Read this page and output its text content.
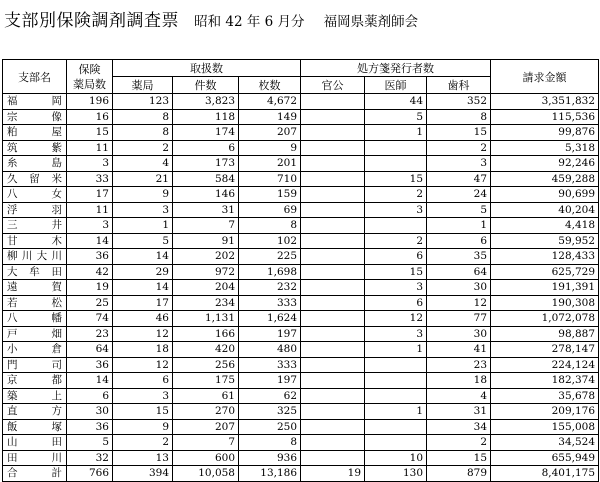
支部別保険調剤調査票 昭和 42 年 6 月分 福岡県薬剤師会
支部名	保険
薬局数	取扱数			処方箋発行者数			請求金額
		薬局	件数	枚数	官公	医師	歯科	
福岡	196	123	3,823	4,672		44	352	3,351,832
宗像	16	8	118	149		5	8	115,536
粕屋	15	8	174	207		1	15	99,876
筑紫	11	2	6	9			2	5,318
糸島	3	4	173	201			3	92,246
久留米	33	21	584	710		15	47	459,288
八女	17	9	146	159		2	24	90,699
浮羽	11	3	31	69		3	5	40,204
三井	3	1	7	8			1	4,418
甘木	14	5	91	102		2	6	59,952
柳川大川	36	14	202	225		6	35	128,433
大牟田	42	29	972	1,698		15	64	625,729
遠賀	19	14	204	232		3	30	191,391
若松	25	17	234	333		6	12	190,308
八幡	74	46	1,131	1,624		12	77	1,072,078
戸畑	23	12	166	197		3	30	98,887
小倉	64	18	420	480		1	41	278,147
門司	36	12	256	333			23	224,124
京都	14	6	175	197			18	182,374
築上	6	3	61	62			4	35,678
直方	30	15	270	325		1	31	209,176
飯塚	36	9	207	250			34	155,008
山田	5	2	7	8			2	34,524
田川	32	13	600	936		10	15	655,949
合計	766	394	10,058	13,186	19	130	879	8,401,175
